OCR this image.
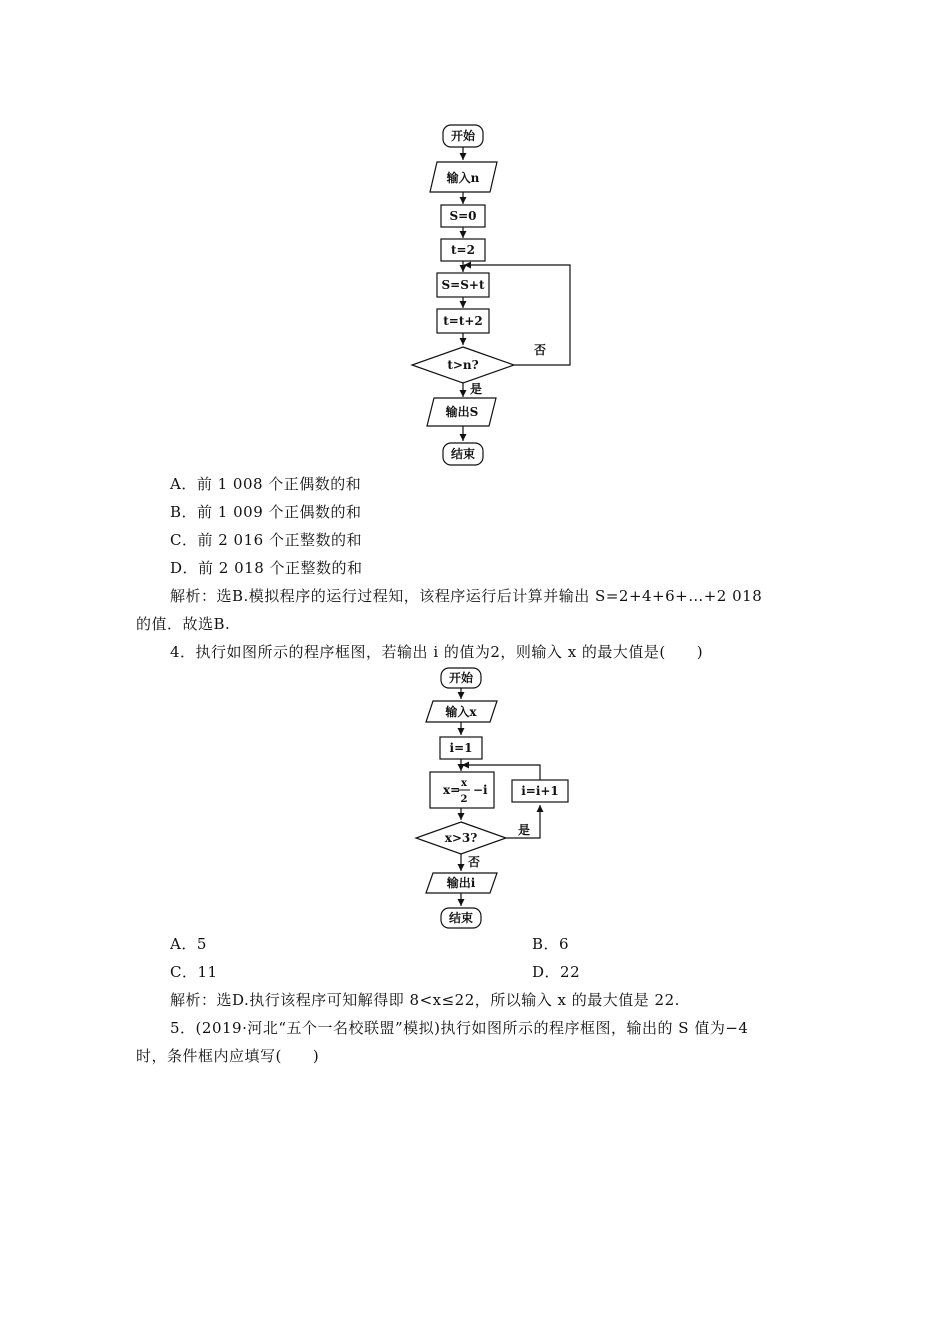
开始
输入n
S=0
t=2
S=S+t
t=t+2
t>n?
否
是
输出S
结束
A．前 1 008 个正偶数的和
B．前 1 009 个正偶数的和
C．前 2 016 个正整数的和
D．前 2 018 个正整数的和
解析：选B.模拟程序的运行过程知，该程序运行后计算并输出 S=2+4+6+…+2 018
的值．故选B.
4．执行如图所示的程序框图，若输出 i 的值为2，则输入 x 的最大值是(　　)
开始
输入x
i=1
x= x
2
−i	i=i+1
x>3?
是
否
输出i
结束
A．5	B．6
C．11	D．22
解析：选D.执行该程序可知解得即 8<x≤22，所以输入 x 的最大值是 22.
5．(2019·河北“五个一名校联盟”模拟)执行如图所示的程序框图，输出的 S 值为−4
时，条件框内应填写(　　)
